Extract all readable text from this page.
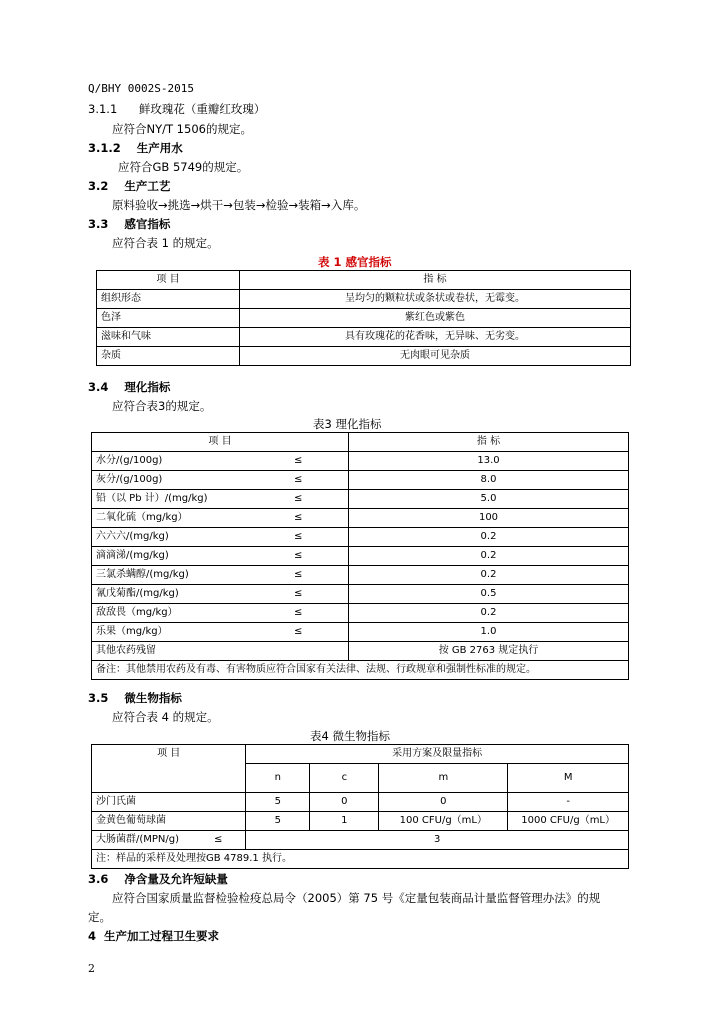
Q/BHY 0002S-2015
3.1.1 鲜玫瑰花（重瓣红玫瑰）
应符合NY/T 1506的规定。
3.1.2 生产用水
应符合GB 5749的规定。
3.2 生产工艺
原料验收→挑选→烘干→包装→检验→装箱→入库。
3.3 感官指标
应符合表 1 的规定。
表 1 感官指标
项 目	指 标
组织形态	呈均匀的颗粒状或条状或卷状，无霉变。
色泽	紫红色或紫色
滋味和气味	具有玫瑰花的花香味，无异味、无劣变。
杂质	无肉眼可见杂质
3.4 理化指标
应符合表3的规定。
表3 理化指标
项 目		指 标
水分/(g/100g)	≤	13.0
灰分/(g/100g)	≤	8.0
铅（以 Pb 计）/(mg/kg)	≤	5.0
二氧化硫（mg/kg）	≤	100
六六六/(mg/kg)	≤	0.2
滴滴涕/(mg/kg)	≤	0.2
三氯杀螨醇/(mg/kg)	≤	0.2
氰戊菊酯/(mg/kg)	≤	0.5
敌敌畏（mg/kg）	≤	0.2
乐果（mg/kg）	≤	1.0
其他农药残留		按 GB 2763 规定执行
备注：其他禁用农药及有毒、有害物质应符合国家有关法律、法规、行政规章和强制性标准的规定。		
3.5 微生物指标
应符合表 4 的规定。
表4 微生物指标
项 目		采用方案及限量指标			
		n	c	m	M
沙门氏菌		5	0	0	-
金黄色葡萄球菌		5	1	100 CFU/g（mL）	1000 CFU/g（mL）
大肠菌群/(MPN/g)	≤	3			
注：样品的采样及处理按GB 4789.1 执行。					
3.6 净含量及允许短缺量
应符合国家质量监督检验检疫总局令（2005）第 75 号《定量包装商品计量监督管理办法》的规
定。
4 生产加工过程卫生要求
2
